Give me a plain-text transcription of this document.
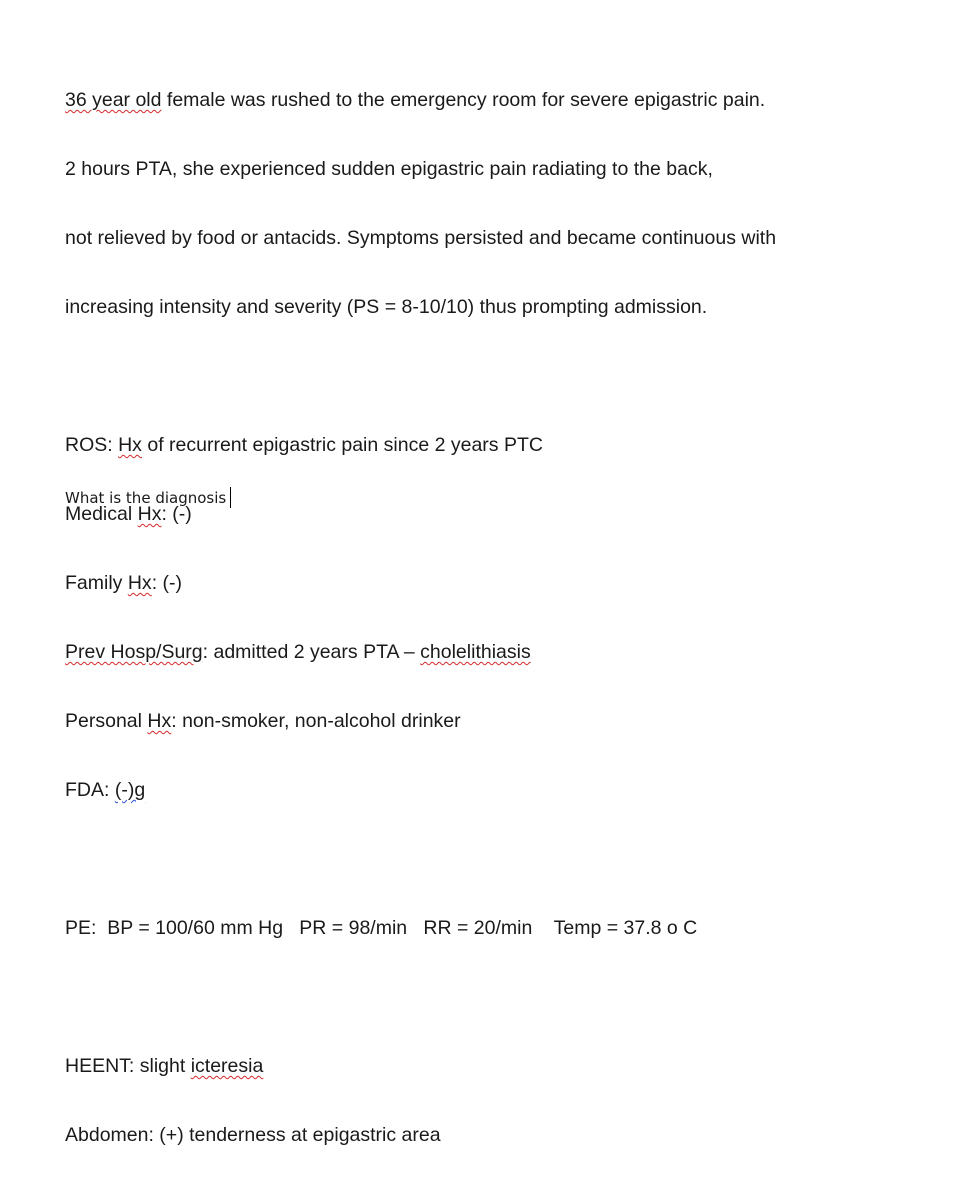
36 year old female was rushed to the emergency room for severe epigastric pain.

2 hours PTA, she experienced sudden epigastric pain radiating to the back,

not relieved by food or antacids. Symptoms persisted and became continuous with

increasing intensity and severity (PS = 8-10/10) thus prompting admission.

ROS: Hx of recurrent epigastric pain since 2 years PTC

Medical Hx: (-)

Family Hx: (-)

Prev Hosp/Surg: admitted 2 years PTA – cholelithiasis

Personal Hx: non-smoker, non-alcohol drinker

FDA: (-)g

PE:  BP = 100/60 mm Hg   PR = 98/min   RR = 20/min    Temp = 37.8 o C

HEENT: slight icteresia

Abdomen: (+) tenderness at epigastric area

What is the diagnosis
